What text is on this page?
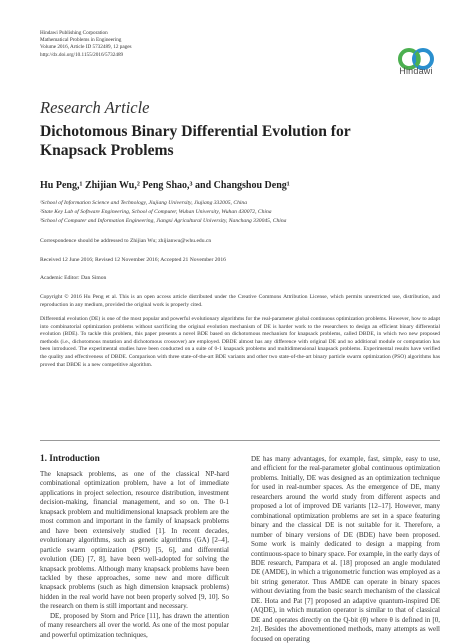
Hindawi Publishing Corporation
Mathematical Problems in Engineering
Volume 2016, Article ID 5732489, 12 pages
http://dx.doi.org/10.1155/2016/5732489
Hindawi
Research Article
Dichotomous Binary Differential Evolution for Knapsack Problems
Hu Peng,¹ Zhijian Wu,² Peng Shao,³ and Changshou Deng¹
¹School of Information Science and Technology, Jiujiang University, Jiujiang 332005, China
²State Key Lab of Software Engineering, School of Computer, Wuhan University, Wuhan 430072, China
³School of Computer and Information Engineering, Jiangxi Agricultural University, Nanchang 330045, China
Correspondence should be addressed to Zhijian Wu; zhijianwu@whu.edu.cn
Received 12 June 2016; Revised 12 November 2016; Accepted 21 November 2016
Academic Editor: Dan Simon
Copyright © 2016 Hu Peng et al. This is an open access article distributed under the Creative Commons Attribution License, which permits unrestricted use, distribution, and reproduction in any medium, provided the original work is properly cited.
Differential evolution (DE) is one of the most popular and powerful evolutionary algorithms for the real-parameter global continuous optimization problems. However, how to adapt into combinatorial optimization problems without sacrificing the original evolution mechanism of DE is harder work to the researchers to design an efficient binary differential evolution (BDE). To tackle this problem, this paper presents a novel BDE based on dichotomous mechanism for knapsack problems, called DBDE, in which two new proposed methods (i.e., dichotomous mutation and dichotomous crossover) are employed. DBDE almost has any difference with original DE and no additional module or computation has been introduced. The experimental studies have been conducted on a suite of 0-1 knapsack problems and multidimensional knapsack problems. Experimental results have verified the quality and effectiveness of DBDE. Comparison with three state-of-the-art BDE variants and other two state-of-the-art binary particle swarm optimization (PSO) algorithms has proved that DBDE is a new competitive algorithm.
1. Introduction

The knapsack problems, as one of the classical NP-hard combinational optimization problem, have a lot of immediate applications in project selection, resource distribution, investment decision-making, financial management, and so on. The 0-1 knapsack problem and multidimensional knapsack problem are the most common and important in the family of knapsack problems and have been extensively studied [1]. In recent decades, evolutionary algorithms, such as genetic algorithms (GA) [2–4], particle swarm optimization (PSO) [5, 6], and differential evolution (DE) [7, 8], have been well-adopted for solving the knapsack problems. Although many knapsack problems have been tackled by these approaches, some new and more difficult knapsack problems (such as high dimension knapsack problems) hidden in the real world have not been properly solved [9, 10]. So the research on them is still important and necessary.

DE, proposed by Storn and Price [11], has drawn the attention of many researchers all over the world. As one of the most popular and powerful optimization techniques,

DE has many advantages, for example, fast, simple, easy to use, and efficient for the real-parameter global continuous optimization problems. Initially, DE was designed as an optimization technique for used in real-number spaces. As the emergence of DE, many researchers around the world study from different aspects and proposed a lot of improved DE variants [12–17]. However, many combinational optimization problems are set in a space featuring binary and the classical DE is not suitable for it. Therefore, a number of binary versions of DE (BDE) have been proposed. Some work is mainly dedicated to design a mapping from continuous-space to binary space. For example, in the early days of BDE research, Pampara et al. [18] proposed an angle modulated DE (AMDE), in which a trigonometric function was employed as a bit string generator. Thus AMDE can operate in binary spaces without deviating from the basic search mechanism of the classical DE. Hota and Pat [7] proposed an adaptive quantum-inspired DE (AQDE), in which mutation operator is similar to that of classical DE and operates directly on the Q-bit (θ) where θ is defined in [0, 2π]. Besides the abovementioned methods, many attempts as well focused on operating
